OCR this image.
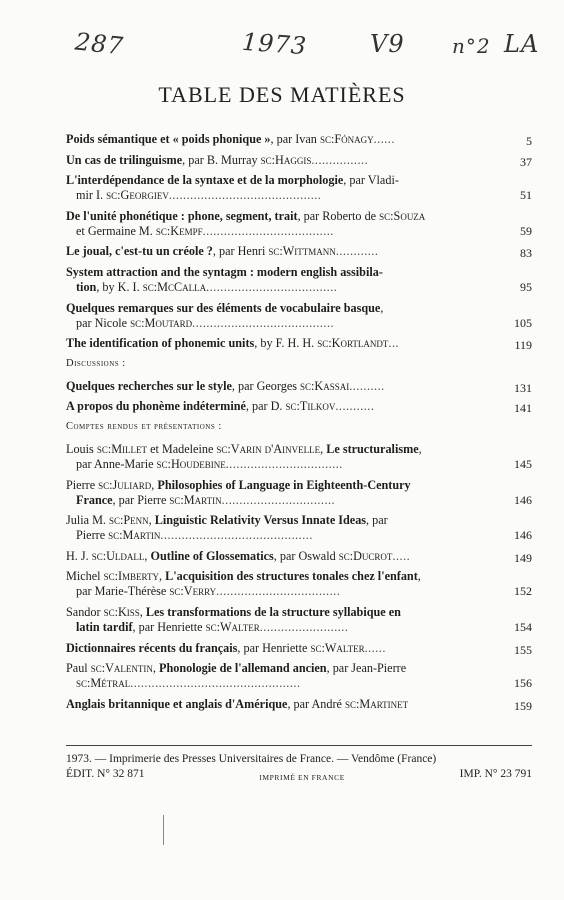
287	1973	V9 n°2 LA
TABLE DES MATIÈRES
Poids sémantique et « poids phonique », par Ivan sc:Fónagy......	5
Un cas de trilinguisme, par B. Murray sc:Haggis................	37
L'interdépendance de la syntaxe et de la morphologie, par Vladi-
mir I. sc:Georgiev...........................................	51
De l'unité phonétique : phone, segment, trait, par Roberto de sc:Souza
et Germaine M. sc:Kempf.....................................	59
Le joual, c'est-tu un créole ?, par Henri sc:Wittmann............	83
System attraction and the syntagm : modern english assibila-
tion, by K. I. sc:McCalla.....................................	95
Quelques remarques sur des éléments de vocabulaire basque,
par Nicole sc:Moutard........................................	105
The identification of phonemic units, by F. H. H. sc:Kortlandt...	119
Discussions :
Quelques recherches sur le style, par Georges sc:Kassai..........	131
A propos du phonème indéterminé, par D. sc:Tilkov...........	141
Comptes rendus et présentations :
Louis sc:Millet et Madeleine sc:Varin d'Ainvelle, Le structuralisme,
par Anne-Marie sc:Houdebine.................................	145
Pierre sc:Juliard, Philosophies of Language in Eighteenth-Century
France, par Pierre sc:Martin................................	146
Julia M. sc:Penn, Linguistic Relativity Versus Innate Ideas, par
Pierre sc:Martin...........................................	146
H. J. sc:Uldall, Outline of Glossematics, par Oswald sc:Ducrot.....	149
Michel sc:Imberty, L'acquisition des structures tonales chez l'enfant,
par Marie-Thérèse sc:Verry...................................	152
Sandor sc:Kiss, Les transformations de la structure syllabique en
latin tardif, par Henriette sc:Walter.........................	154
Dictionnaires récents du français, par Henriette sc:Walter......	155
Paul sc:Valentin, Phonologie de l'allemand ancien, par Jean-Pierre
sc:Métral................................................	156
Anglais britannique et anglais d'Amérique, par André sc:Martinet	159
1973. — Imprimerie des Presses Universitaires de France. — Vendôme (France)
ÉDIT. N° 32 871	IMPRIMÉ EN FRANCE	IMP. N° 23 791
